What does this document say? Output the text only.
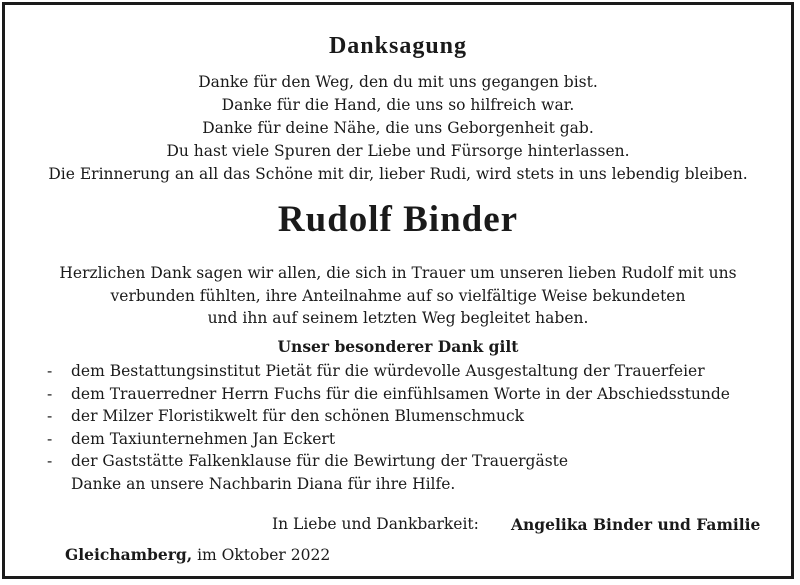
Danksagung
Danke für den Weg, den du mit uns gegangen bist.
Danke für die Hand, die uns so hilfreich war.
Danke für deine Nähe, die uns Geborgenheit gab.
Du hast viele Spuren der Liebe und Fürsorge hinterlassen.
Die Erinnerung an all das Schöne mit dir, lieber Rudi, wird stets in uns lebendig bleiben.
Rudolf Binder
Herzlichen Dank sagen wir allen, die sich in Trauer um unseren lieben Rudolf mit uns
verbunden fühlten, ihre Anteilnahme auf so vielfältige Weise bekundeten
und ihn auf seinem letzten Weg begleitet haben.
Unser besonderer Dank gilt
-	dem Bestattungsinstitut Pietät für die würdevolle Ausgestaltung der Trauerfeier
-	dem Trauerredner Herrn Fuchs für die einfühlsamen Worte in der Abschiedsstunde
-	der Milzer Floristikwelt für den schönen Blumenschmuck
-	dem Taxiunternehmen Jan Eckert
-	der Gaststätte Falkenklause für die Bewirtung der Trauergäste
Danke an unsere Nachbarin Diana für ihre Hilfe.
In Liebe und Dankbarkeit: Angelika Binder und Familie
Gleichamberg, im Oktober 2022
